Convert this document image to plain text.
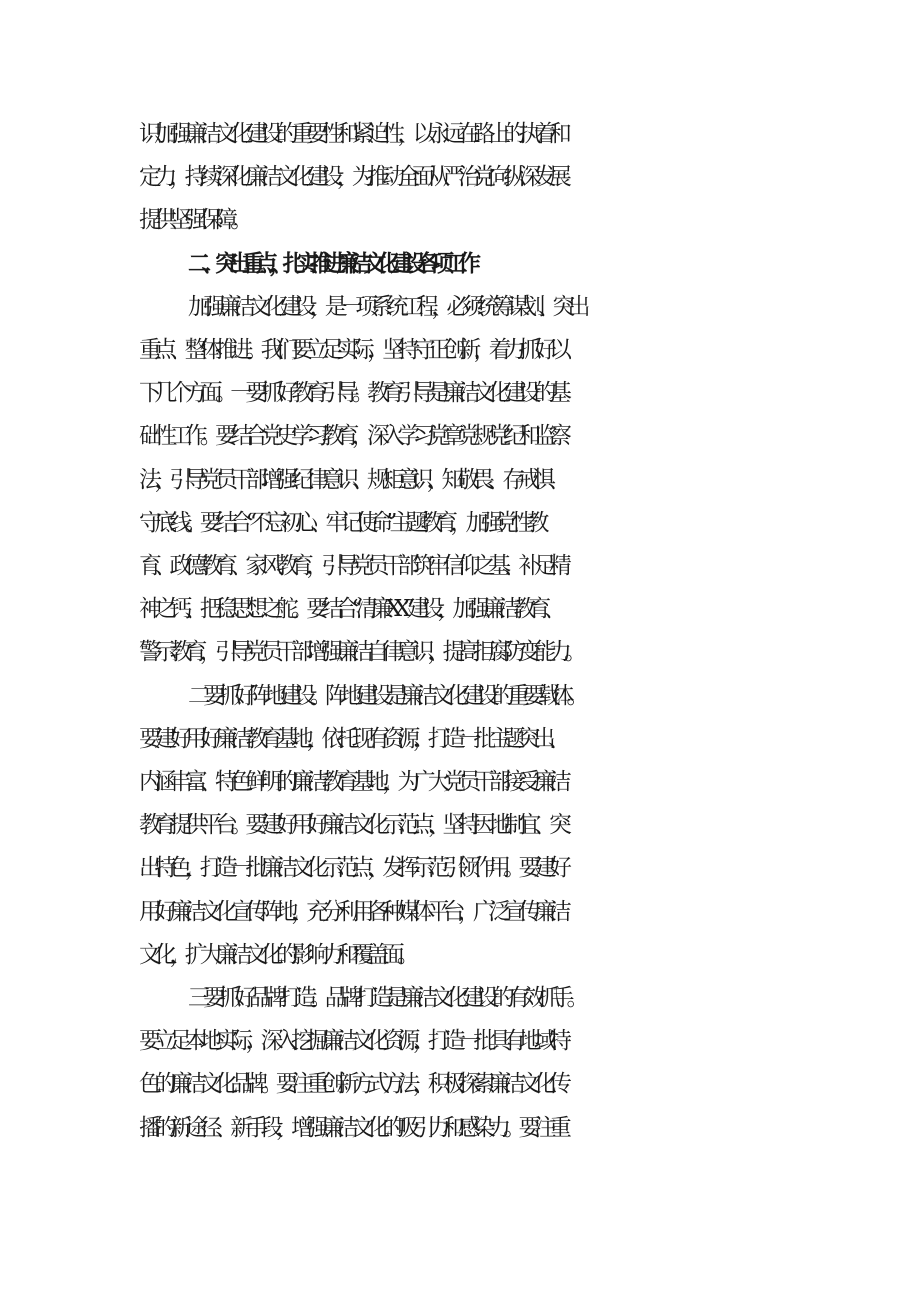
识加强廉洁文化建设的重要性和紧迫性，以永 远在路上的执着和
定力，持续深化廉洁文化建设，为推动全 面从严治党向纵深发展
提供坚强保障。
二、突出重点，扎实推进廉洁文化建设各项工作
加强廉洁文化建设，是一项系统工程，必须统筹谋划、 突出
重点、整体推进。我们要立足实际，坚持守正创新，着 力抓好以
下几个方面。一要抓好教育引导。教育引导是廉洁 文化建设的基
础性工作。要结合党史学习教育，深入学习党 章党规党纪和监察
法，引导党员干部增强纪律意识、规矩意   识，知敬畏、存戒惧、
守底线。要结合“不忘初心、牢记使 命”主题教育，加强党性教
育、政德教育、家风教育，引导 党员干部筑牢信仰之基、补足精
神之钙、把稳思想之舵。要 结合“清廉XX”建设，加强廉洁教育、
警示教育，引导党员 干部增强廉洁自律意识，提高拒腐防变能力。
二要抓好阵地建设。阵地建设是廉洁文化建设的重要载   体。
要建好用好廉洁教育基地，依托现有资源，打造一批主   题突出、
内涵丰富、特色鲜明的廉洁教育基地，为广大党员 干部接受廉洁
教育提供平台。要建好用好廉洁文化示范点， 坚持因地制宜、突
出特色，打造一批廉洁文化示范点，发挥 示范引领作用。要建好
用好廉洁文化宣传阵地，充分利用各 种媒体平台，广泛宣传廉洁
文化，扩大廉洁文化的影响力和 覆盖面。
三要抓好品牌打造。品牌打造是廉洁文化建设的有效抓   手。
要立足本地实际，深入挖掘廉洁文化资源，打造一批具 有地域特
色的廉洁文化品牌。要注重创新方式方法，积极探 索廉洁文化传
播的新途径、新手段，增强廉洁文化的吸引力 和感染力。要注重
